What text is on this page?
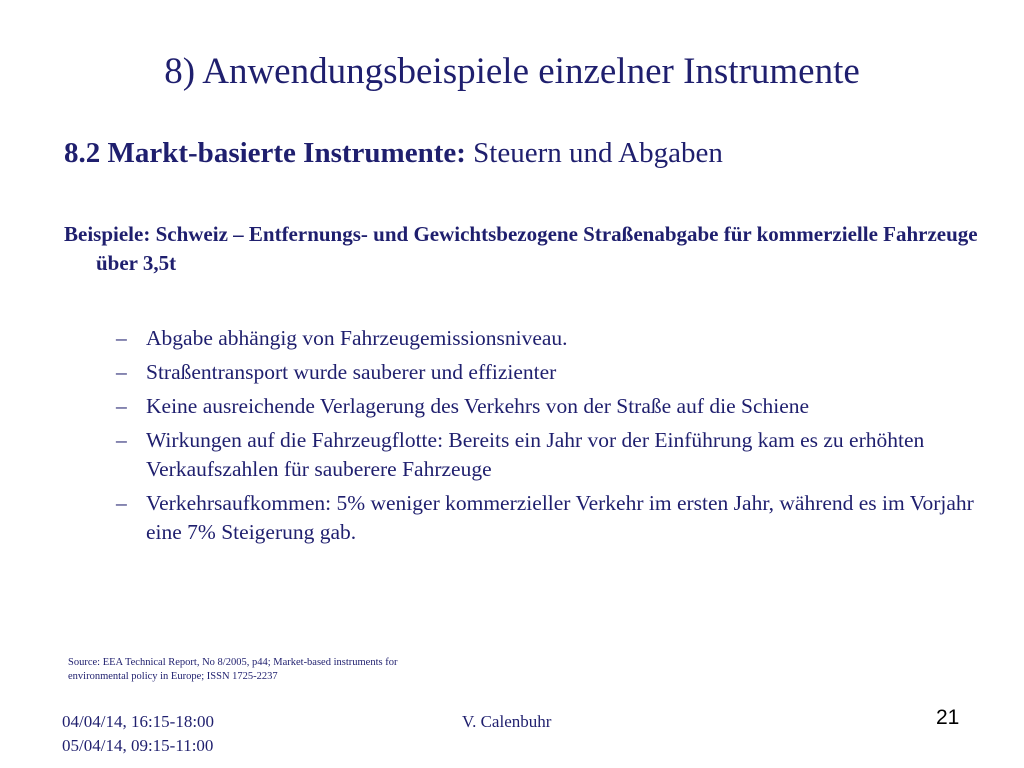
8) Anwendungsbeispiele einzelner Instrumente
8.2 Markt-basierte Instrumente: Steuern und Abgaben
Beispiele: Schweiz – Entfernungs- und Gewichtsbezogene Straßenabgabe für kommerzielle Fahrzeuge über 3,5t
– Abgabe abhängig von Fahrzeugemissionsniveau.
– Straßentransport wurde sauberer und effizienter
– Keine ausreichende Verlagerung des Verkehrs von der Straße auf die Schiene
– Wirkungen auf die Fahrzeugflotte: Bereits ein Jahr vor der Einführung kam es zu erhöhten Verkaufszahlen für sauberere Fahrzeuge
– Verkehrsaufkommen: 5% weniger kommerzieller Verkehr im ersten Jahr, während es im Vorjahr eine 7% Steigerung gab.
Source: EEA Technical Report, No 8/2005, p44; Market-based instruments for
environmental policy in Europe; ISSN 1725-2237
04/04/14, 16:15-18:00
05/04/14, 09:15-11:00
V. Calenbuhr	21
